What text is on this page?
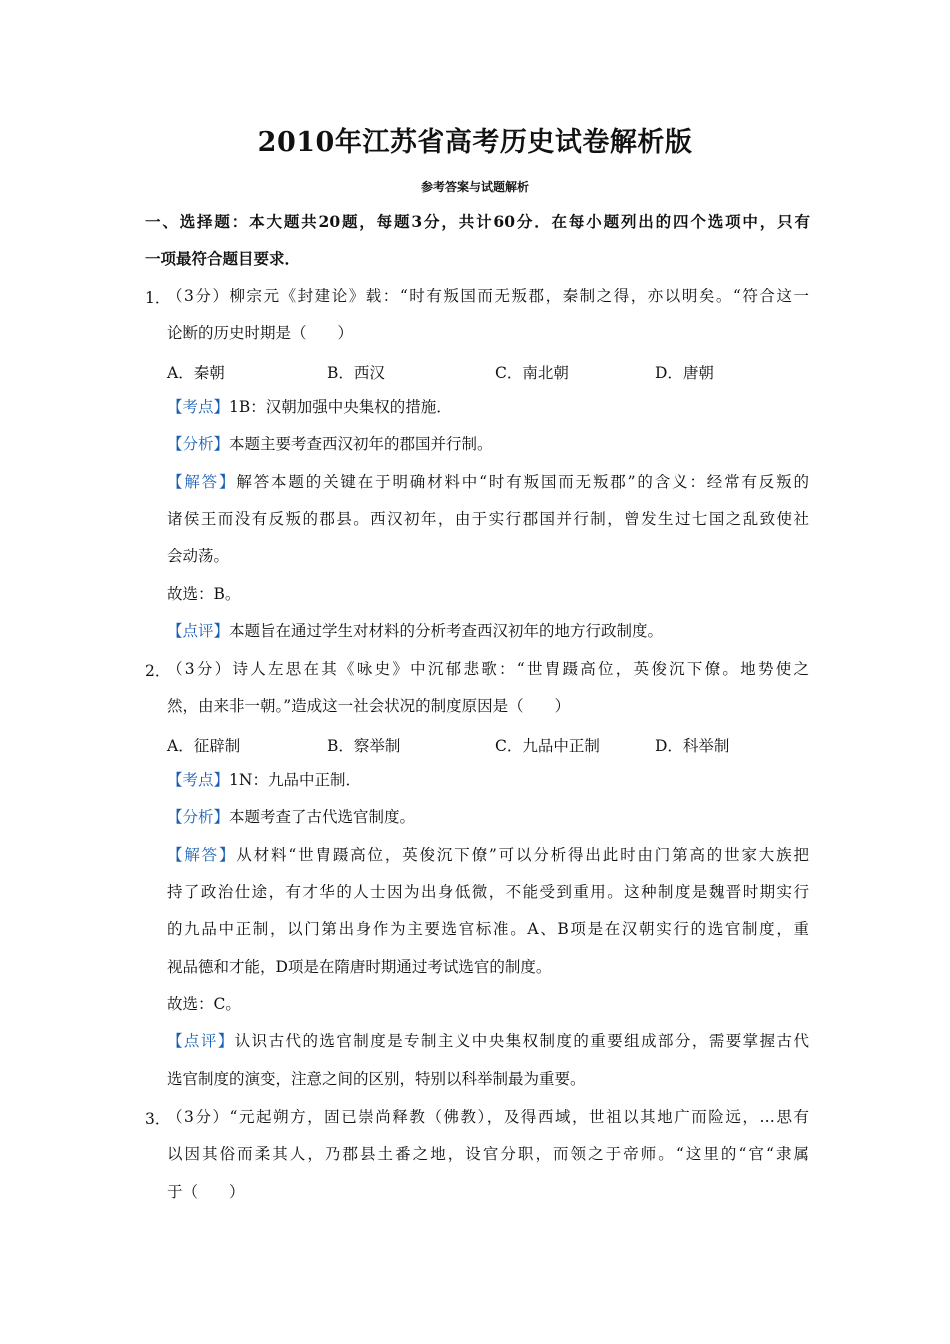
2010年江苏省高考历史试卷解析版
参考答案与试题解析
一、选择题：本大题共20题，每题3分，共计60分．在每小题列出的四个选项中，只有
一项最符合题目要求．
1．
（3分）柳宗元《封建论》载：“时有叛国而无叛郡，秦制之得，亦以明矣。“符合这一
论断的历史时期是（　　）
A．秦朝	B．西汉	C．南北朝	D．唐朝
【考点】1B：汉朝加强中央集权的措施．
【分析】本题主要考查西汉初年的郡国并行制。
【解答】解答本题的关键在于明确材料中“时有叛国而无叛郡”的含义：经常有反叛的
诸侯王而没有反叛的郡县。西汉初年，由于实行郡国并行制，曾发生过七国之乱致使社
会动荡。
故选：B。
【点评】本题旨在通过学生对材料的分析考查西汉初年的地方行政制度。
2．
（3分）诗人左思在其《咏史》中沉郁悲歌：“世胄蹑高位，英俊沉下僚。地势使之
然，由来非一朝。”造成这一社会状况的制度原因是（　　）
A．征辟制	B．察举制	C．九品中正制	D．科举制
【考点】1N：九品中正制．
【分析】本题考查了古代选官制度。
【解答】从材料“世胄蹑高位，英俊沉下僚”可以分析得出此时由门第高的世家大族把
持了政治仕途，有才华的人士因为出身低微，不能受到重用。这种制度是魏晋时期实行
的九品中正制，以门第出身作为主要选官标准。A、B项是在汉朝实行的选官制度，重
视品德和才能，D项是在隋唐时期通过考试选官的制度。
故选：C。
【点评】认识古代的选官制度是专制主义中央集权制度的重要组成部分，需要掌握古代
选官制度的演变，注意之间的区别，特别以科举制最为重要。
3．
（3分）“元起朔方，固已崇尚释教（佛教），及得西域，世祖以其地广而险远，…思有
以因其俗而柔其人，乃郡县土番之地，设官分职，而领之于帝师。“这里的“官“隶属
于（　　）
